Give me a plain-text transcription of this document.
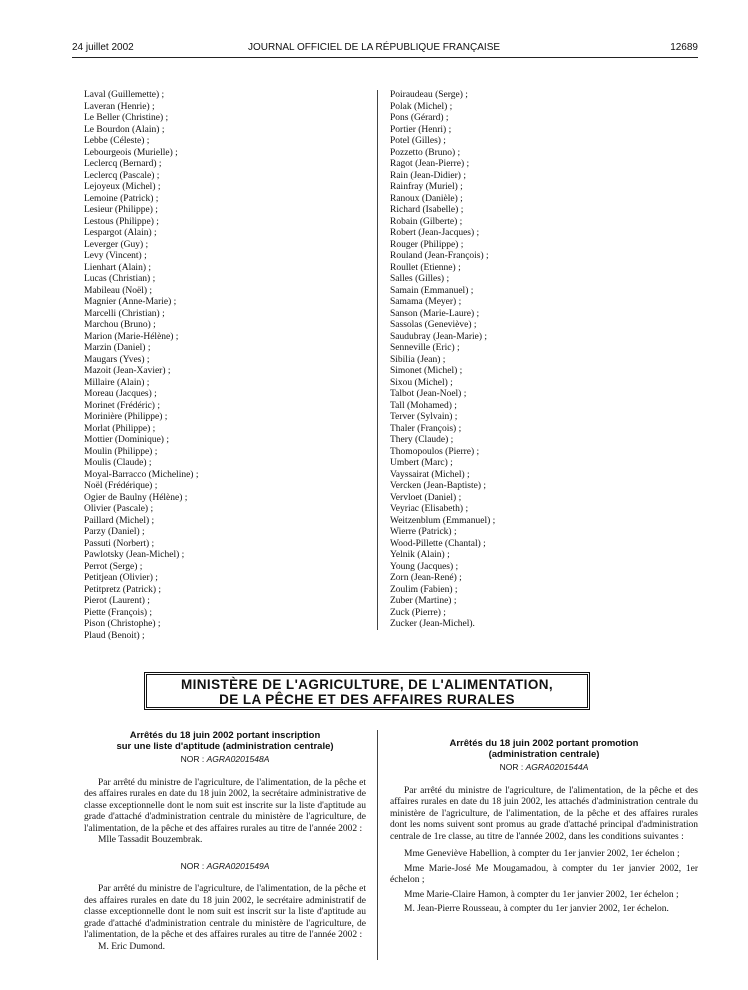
24 juillet 2002	JOURNAL OFFICIEL DE LA RÉPUBLIQUE FRANÇAISE	12689
Laval (Guillemette) ;
Laveran (Henrie) ;
Le Beller (Christine) ;
Le Bourdon (Alain) ;
Lebbe (Céleste) ;
Lebourgeois (Murielle) ;
Leclercq (Bernard) ;
Leclercq (Pascale) ;
Lejoyeux (Michel) ;
Lemoine (Patrick) ;
Lesieur (Philippe) ;
Lestous (Philippe) ;
Lespargot (Alain) ;
Leverger (Guy) ;
Levy (Vincent) ;
Lienhart (Alain) ;
Lucas (Christian) ;
Mabileau (Noël) ;
Magnier (Anne-Marie) ;
Marcelli (Christian) ;
Marchou (Bruno) ;
Marion (Marie-Hélène) ;
Marzin (Daniel) ;
Maugars (Yves) ;
Mazoit (Jean-Xavier) ;
Millaire (Alain) ;
Moreau (Jacques) ;
Morinet (Frédéric) ;
Morinière (Philippe) ;
Morlat (Philippe) ;
Mottier (Dominique) ;
Moulin (Philippe) ;
Moulis (Claude) ;
Moyal-Barracco (Micheline) ;
Noël (Frédérique) ;
Ogier de Baulny (Hélène) ;
Olivier (Pascale) ;
Paillard (Michel) ;
Parzy (Daniel) ;
Passuti (Norbert) ;
Pawlotsky (Jean-Michel) ;
Perrot (Serge) ;
Petitjean (Olivier) ;
Petitpretz (Patrick) ;
Pierot (Laurent) ;
Piette (François) ;
Pison (Christophe) ;
Plaud (Benoit) ;
Poiraudeau (Serge) ;
Polak (Michel) ;
Pons (Gérard) ;
Portier (Henri) ;
Potel (Gilles) ;
Pozzetto (Bruno) ;
Ragot (Jean-Pierre) ;
Rain (Jean-Didier) ;
Rainfray (Muriel) ;
Ranoux (Danièle) ;
Richard (Isabelle) ;
Robain (Gilberte) ;
Robert (Jean-Jacques) ;
Rouger (Philippe) ;
Rouland (Jean-François) ;
Roullet (Etienne) ;
Salles (Gilles) ;
Samain (Emmanuel) ;
Samama (Meyer) ;
Sanson (Marie-Laure) ;
Sassolas (Geneviève) ;
Saudubray (Jean-Marie) ;
Senneville (Eric) ;
Sibilia (Jean) ;
Simonet (Michel) ;
Sixou (Michel) ;
Talbot (Jean-Noel) ;
Tall (Mohamed) ;
Terver (Sylvain) ;
Thaler (François) ;
Thery (Claude) ;
Thomopoulos (Pierre) ;
Umbert (Marc) ;
Vayssairat (Michel) ;
Vercken (Jean-Baptiste) ;
Vervloet (Daniel) ;
Veyriac (Elisabeth) ;
Weitzenblum (Emmanuel) ;
Wierre (Patrick) ;
Wood-Pillette (Chantal) ;
Yelnik (Alain) ;
Young (Jacques) ;
Zorn (Jean-René) ;
Zoulim (Fabien) ;
Zuber (Martine) ;
Zuck (Pierre) ;
Zucker (Jean-Michel).
MINISTÈRE DE L'AGRICULTURE, DE L'ALIMENTATION,
DE LA PÊCHE ET DES AFFAIRES RURALES
Arrêtés du 18 juin 2002 portant inscription
sur une liste d'aptitude (administration centrale)
NOR : AGRA0201548A

Par arrêté du ministre de l'agriculture, de l'alimentation, de la pêche et des affaires rurales en date du 18 juin 2002, la secrétaire administrative de classe exceptionnelle dont le nom suit est inscrite sur la liste d'aptitude au grade d'attaché d'administration centrale du ministère de l'agriculture, de l'alimentation, de la pêche et des affaires rurales au titre de l'année 2002 :

Mlle Tassadit Bouzembrak.

NOR : AGRA0201549A

Par arrêté du ministre de l'agriculture, de l'alimentation, de la pêche et des affaires rurales en date du 18 juin 2002, le secrétaire administratif de classe exceptionnelle dont le nom suit est inscrit sur la liste d'aptitude au grade d'attaché d'administration centrale du ministère de l'agriculture, de l'alimentation, de la pêche et des affaires rurales au titre de l'année 2002 :

M. Eric Dumond.

Arrêtés du 18 juin 2002 portant promotion
(administration centrale)
NOR : AGRA0201544A

Par arrêté du ministre de l'agriculture, de l'alimentation, de la pêche et des affaires rurales en date du 18 juin 2002, les attachés d'administration centrale du ministère de l'agriculture, de l'alimentation, de la pêche et des affaires rurales dont les noms suivent sont promus au grade d'attaché principal d'administration centrale de 1re classe, au titre de l'année 2002, dans les conditions suivantes :

Mme Geneviève Habellion, à compter du 1er janvier 2002, 1er échelon ;

Mme Marie-José Me Mougamadou, à compter du 1er janvier 2002, 1er échelon ;

Mme Marie-Claire Hamon, à compter du 1er janvier 2002, 1er échelon ;

M. Jean-Pierre Rousseau, à compter du 1er janvier 2002, 1er échelon.
